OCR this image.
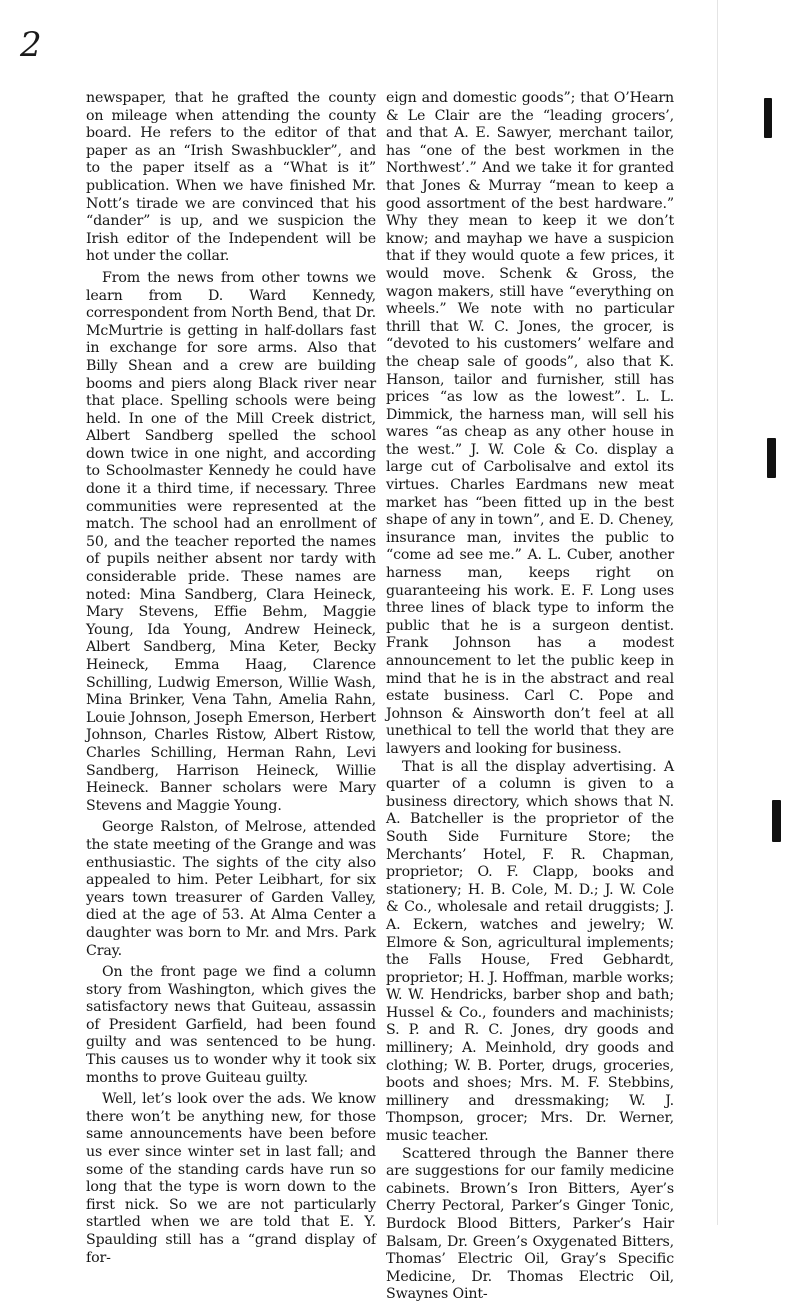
2

newspaper, that he grafted the county on mileage when attending the county board. He refers to the editor of that paper as an “Irish Swashbuckler”, and to the paper itself as a “What is it” publication. When we have finished Mr. Nott’s tirade we are convinced that his “dander” is up, and we suspicion the Irish editor of the Independent will be hot under the collar.

From the news from other towns we learn from D. Ward Kennedy, correspondent from North Bend, that Dr. McMurtrie is getting in half-dollars fast in exchange for sore arms. Also that Billy Shean and a crew are building booms and piers along Black river near that place. Spelling schools were being held. In one of the Mill Creek district, Albert Sandberg spelled the school down twice in one night, and according to Schoolmaster Kennedy he could have done it a third time, if necessary. Three communities were represented at the match. The school had an enrollment of 50, and the teacher reported the names of pupils neither absent nor tardy with considerable pride. These names are noted: Mina Sandberg, Clara Heineck, Mary Stevens, Effie Behm, Maggie Young, Ida Young, Andrew Heineck, Albert Sandberg, Mina Keter, Becky Heineck, Emma Haag, Clarence Schilling, Ludwig Emerson, Willie Wash, Mina Brinker, Vena Tahn, Amelia Rahn, Louie Johnson, Joseph Emerson, Herbert Johnson, Charles Ristow, Albert Ristow, Charles Schilling, Herman Rahn, Levi Sandberg, Harrison Heineck, Willie Heineck. Banner scholars were Mary Stevens and Maggie Young.

George Ralston, of Melrose, attended the state meeting of the Grange and was enthusiastic. The sights of the city also appealed to him. Peter Leibhart, for six years town treasurer of Garden Valley, died at the age of 53. At Alma Center a daughter was born to Mr. and Mrs. Park Cray.

On the front page we find a column story from Washington, which gives the satisfactory news that Guiteau, assassin of President Garfield, had been found guilty and was sentenced to be hung. This causes us to wonder why it took six months to prove Guiteau guilty.

Well, let’s look over the ads. We know there won’t be anything new, for those same announcements have been before us ever since winter set in last fall; and some of the standing cards have run so long that the type is worn down to the first nick. So we are not particularly startled when we are told that E. Y. Spaulding still has a “grand display of for-

eign and domestic goods”; that O’Hearn & Le Clair are the “leading grocers’, and that A. E. Sawyer, merchant tailor, has “one of the best workmen in the Northwest’.” And we take it for granted that Jones & Murray “mean to keep a good assortment of the best hardware.” Why they mean to keep it we don’t know; and mayhap we have a suspicion that if they would quote a few prices, it would move. Schenk & Gross, the wagon makers, still have “everything on wheels.” We note with no particular thrill that W. C. Jones, the grocer, is “devoted to his customers’ welfare and the cheap sale of goods”, also that K. Hanson, tailor and furnisher, still has prices “as low as the lowest”. L. L. Dimmick, the harness man, will sell his wares “as cheap as any other house in the west.” J. W. Cole & Co. display a large cut of Carbolisalve and extol its virtues. Charles Eardmans new meat market has “been fitted up in the best shape of any in town”, and E. D. Cheney, insurance man, invites the public to “come ad see me.” A. L. Cuber, another harness man, keeps right on guaranteeing his work. E. F. Long uses three lines of black type to inform the public that he is a surgeon dentist. Frank Johnson has a modest announcement to let the public keep in mind that he is in the abstract and real estate business. Carl C. Pope and Johnson & Ainsworth don’t feel at all unethical to tell the world that they are lawyers and looking for business.

That is all the display advertising. A quarter of a column is given to a business directory, which shows that N. A. Batcheller is the proprietor of the South Side Furniture Store; the Merchants’ Hotel, F. R. Chapman, proprietor; O. F. Clapp, books and stationery; H. B. Cole, M. D.; J. W. Cole & Co., wholesale and retail druggists; J. A. Eckern, watches and jewelry; W. Elmore & Son, agricultural implements; the Falls House, Fred Gebhardt, proprietor; H. J. Hoffman, marble works; W. W. Hendricks, barber shop and bath; Hussel & Co., founders and machinists; S. P. and R. C. Jones, dry goods and millinery; A. Meinhold, dry goods and clothing; W. B. Porter, drugs, groceries, boots and shoes; Mrs. M. F. Stebbins, millinery and dressmaking; W. J. Thompson, grocer; Mrs. Dr. Werner, music teacher.

Scattered through the Banner there are suggestions for our family medicine cabinets. Brown’s Iron Bitters, Ayer’s Cherry Pectoral, Parker’s Ginger Tonic, Burdock Blood Bitters, Parker’s Hair Balsam, Dr. Green’s Oxygenated Bitters, Thomas’ Electric Oil, Gray’s Specific Medicine, Dr. Thomas Electric Oil, Swaynes Oint-
